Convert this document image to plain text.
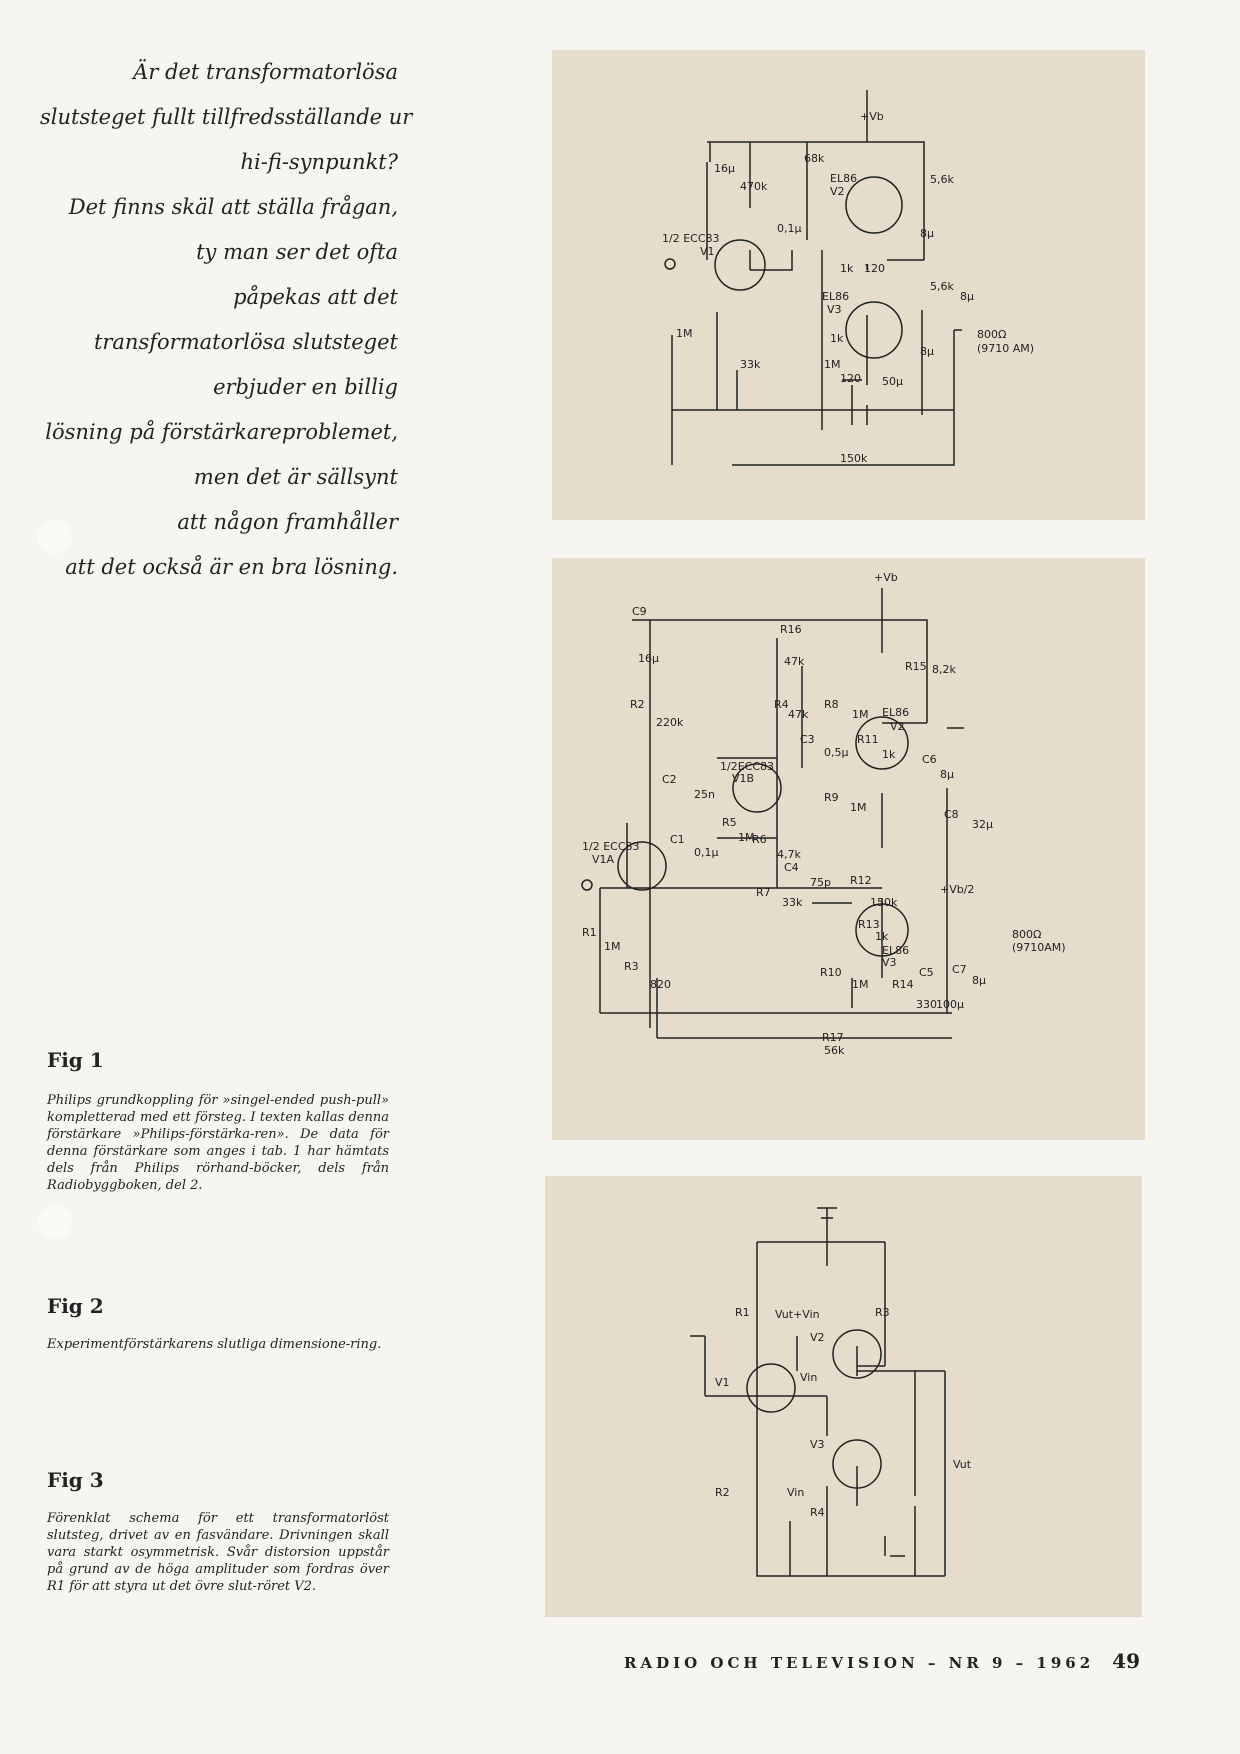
Är det transformatorlösa
slutsteget fullt tillfredsställande ur
hi-fi-synpunkt?
Det finns skäl att ställa frågan,
ty man ser det ofta
påpekas att det
transformatorlösa slutsteget
erbjuder en billig
lösning på förstärkareproblemet,
men det är sällsynt
att någon framhåller
att det också är en bra lösning.
Fig 1
Philips grundkoppling för »singel-ended push-pull» kompletterad med ett försteg. I texten kallas denna förstärkare »Philips-förstärka-ren». De data för denna förstärkare som anges i tab. 1 har hämtats dels från Philips rörhand-böcker, dels från Radiobyggboken, del 2.
Fig 2
Experimentförstärkarens slutliga dimensione-ring.
Fig 3
Förenklat schema för ett transformatorlöst slutsteg, drivet av en fasvändare. Drivningen skall vara starkt osymmetrisk. Svår distorsion uppstår på grund av de höga amplituder som fordras över R1 för att styra ut det övre slut-röret V2.
+Vb
68k
16μ
470k
0,1μ
EL86
V2
5,6k
8μ
1/2 ECC83
V1
1k 120
5,6k
8μ
EL86
V3
1k	800Ω
(9710 AM)
1M
33k	1M
120 50μ
8μ
150k
C9
+Vb
R16
47k
16μ
R15 8,2k
R2
220k
R4
47k
R8
1M EL86
V2
C3
0,5μ
R11
1k C6
8μ
1/2ECC83
V1B
C2
25n	R9
1M
C8
32μ
R5
1M
R6
4,7k
C4
75p
1/2 ECC83
V1A
C1
0,1μ
R7
33k
R12
150k
+Vb/2
R13
1k
EL86
V3
800Ω
(9710AM)
R1
1M
R3
820
R10
1M
C5 C7
8μ
R14
330 100μ
R17
56k
R1 Vut+Vin	R3
V2
Vin
V1
V3
Vut
R2	Vin
R4
RADIO OCH TELEVISION – NR 9 – 1962 49
